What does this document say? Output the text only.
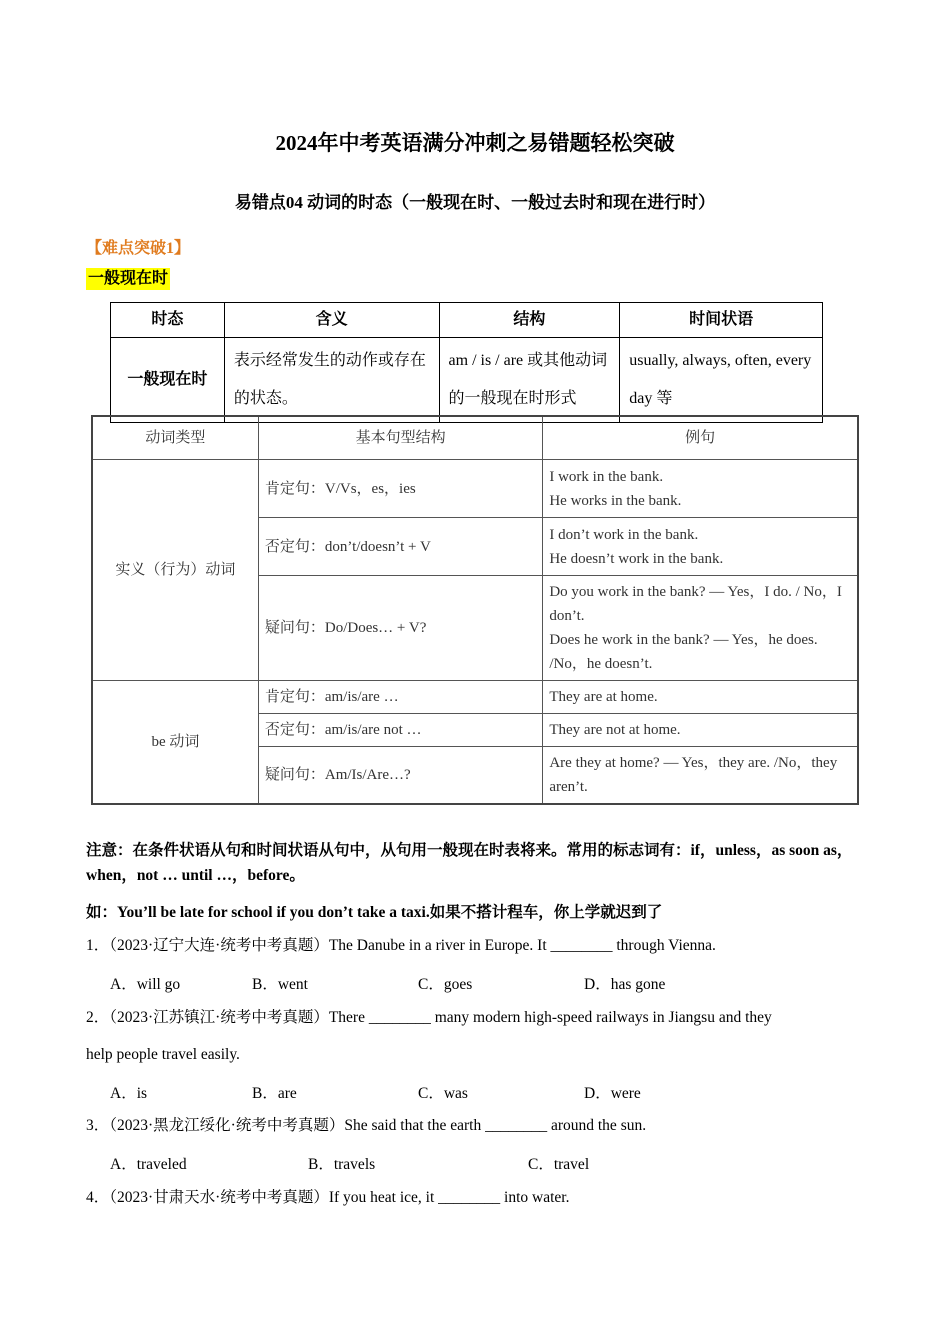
2024年中考英语满分冲刺之易错题轻松突破
易错点04 动词的时态（一般现在时、一般过去时和现在进行时）
【难点突破1】
一般现在时
时态	含义	结构	时间状语
一般现在时	表示经常发生的动作或存在的状态。	am / is / are 或其他动词的一般现在时形式	usually, always, often, every day 等
动词类型	基本句型结构	例句
实义（行为）动词	肯定句：V/Vs，es，ies	I work in the bank.
He works in the bank.
	否定句：don’t/doesn’t + V	I don’t work in the bank.
He doesn’t work in the bank.
	疑问句：Do/Does… + V?	Do you work in the bank? — Yes，I do. / No，I don’t.
Does he work in the bank? — Yes，he does. /No，he doesn’t.
be 动词	肯定句：am/is/are …	They are at home.
	否定句：am/is/are not …	They are not at home.
	疑问句：Am/Is/Are…?	Are they at home? — Yes，they are. /No，they aren’t.
注意：在条件状语从句和时间状语从句中，从句用一般现在时表将来。常用的标志词有：if，unless，as soon as，when，not … until …，before。
如：You’ll be late for school if you don’t take a taxi.如果不搭计程车，你上学就迟到了
1．（2023·辽宁大连·统考中考真题）The Danube in a river in Europe. It ________ through Vienna.
A．will go	B．went	C．goes	D．has gone
2．（2023·江苏镇江·统考中考真题）There ________ many modern high-speed railways in Jiangsu and they
help people travel easily.
A．is	B．are	C．was	D．were
3．（2023·黑龙江绥化·统考中考真题）She said that the earth ________ around the sun.
A．traveled	B．travels	C．travel
4．（2023·甘肃天水·统考中考真题）If you heat ice, it ________ into water.
